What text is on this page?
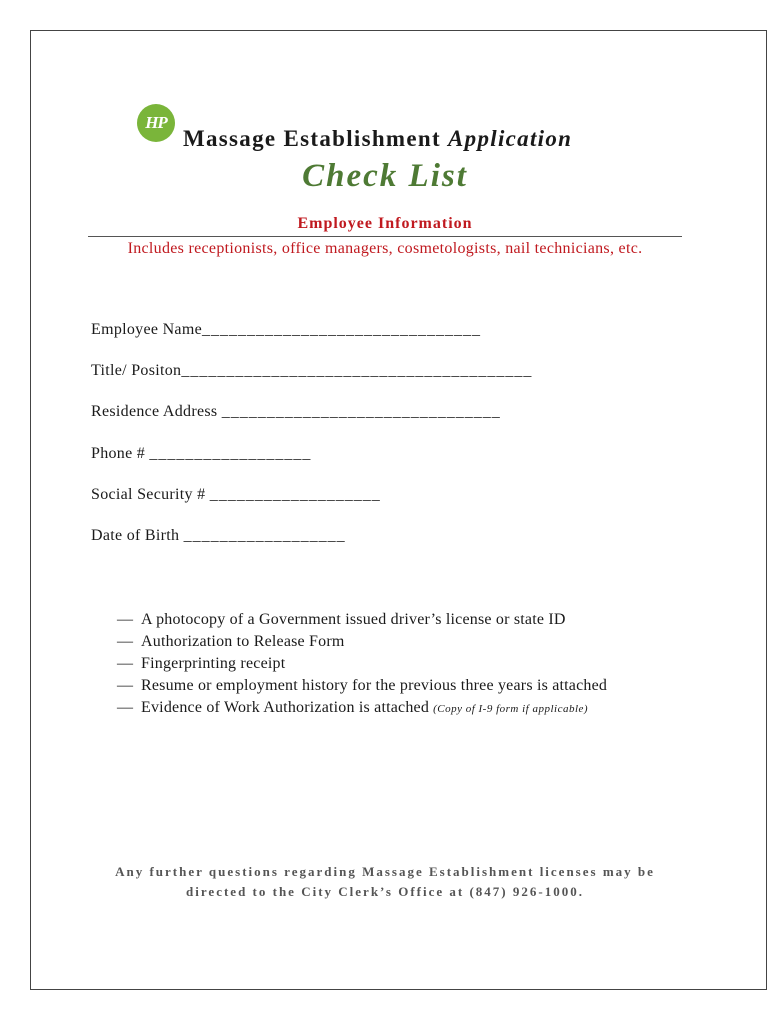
HP
Massage Establishment Application
Check List
Employee Information
Includes receptionists, office managers, cosmetologists, nail technicians, etc.
Employee Name_______________________________
Title/ Positon_______________________________________
Residence Address _______________________________
Phone # __________________
Social Security # ___________________
Date of Birth __________________
— A photocopy of a Government issued driver’s license or state ID
— Authorization to Release Form
— Fingerprinting receipt
— Resume or employment history for the previous three years is attached
— Evidence of Work Authorization is attached (Copy of I-9 form if applicable)
Any further questions regarding Massage Establishment licenses may be directed to the City Clerk’s Office at (847) 926-1000.
